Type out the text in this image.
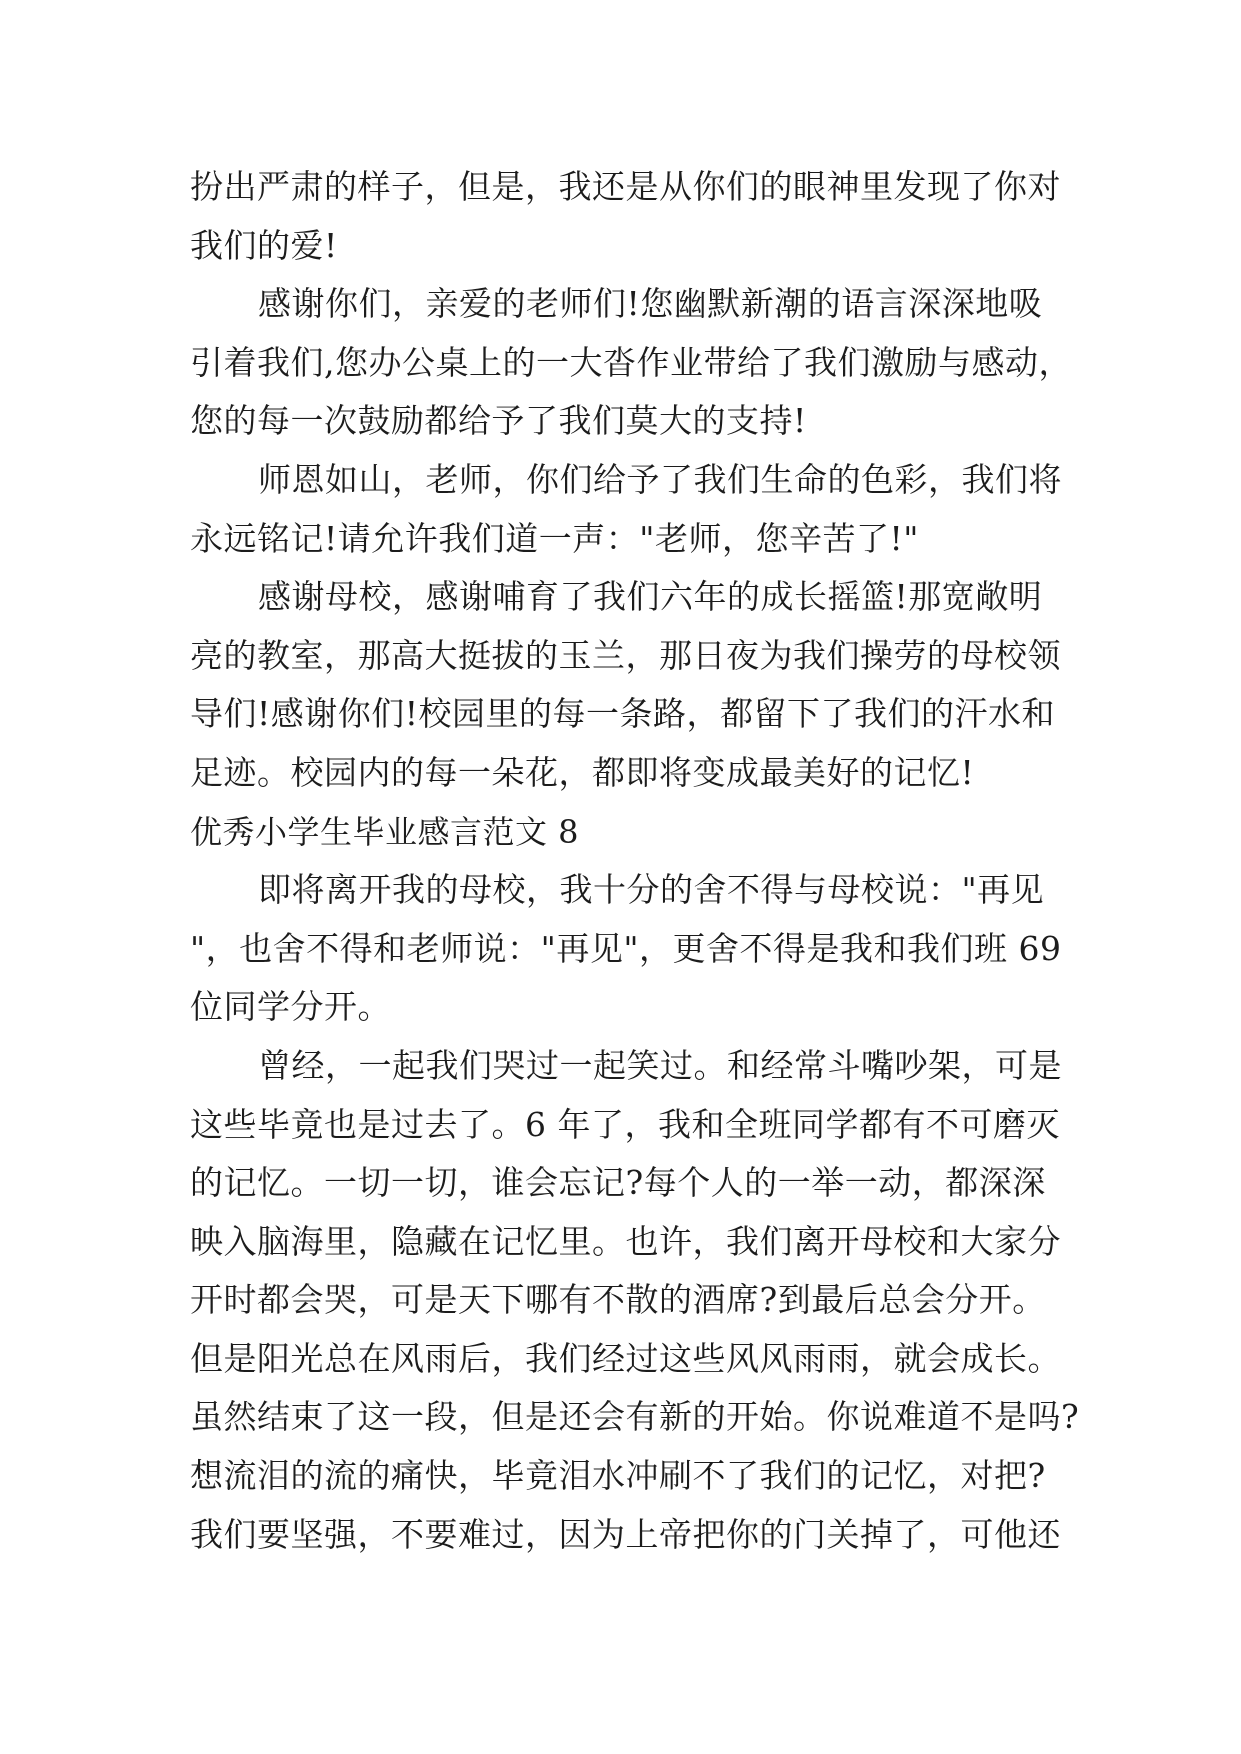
扮出严肃的样子，但是，我还是从你们的眼神里发现了你对
我们的爱!
感谢你们，亲爱的老师们!您幽默新潮的语言深深地吸
引着我们,您办公桌上的一大沓作业带给了我们激励与感动，
您的每一次鼓励都给予了我们莫大的支持!
师恩如山，老师，你们给予了我们生命的色彩，我们将
永远铭记!请允许我们道一声："老师，您辛苦了!"
感谢母校，感谢哺育了我们六年的成长摇篮!那宽敞明
亮的教室，那高大挺拔的玉兰，那日夜为我们操劳的母校领
导们!感谢你们!校园里的每一条路，都留下了我们的汗水和
足迹。校园内的每一朵花，都即将变成最美好的记忆!
优秀小学生毕业感言范文 8
即将离开我的母校，我十分的舍不得与母校说："再见
"，也舍不得和老师说："再见"，更舍不得是我和我们班 69
位同学分开。
曾经，一起我们哭过一起笑过。和经常斗嘴吵架，可是
这些毕竟也是过去了。6 年了，我和全班同学都有不可磨灭
的记忆。一切一切，谁会忘记?每个人的一举一动，都深深
映入脑海里，隐藏在记忆里。也许，我们离开母校和大家分
开时都会哭，可是天下哪有不散的酒席?到最后总会分开。
但是阳光总在风雨后，我们经过这些风风雨雨，就会成长。
虽然结束了这一段，但是还会有新的开始。你说难道不是吗?
想流泪的流的痛快，毕竟泪水冲刷不了我们的记忆，对把?
我们要坚强，不要难过，因为上帝把你的门关掉了，可他还
